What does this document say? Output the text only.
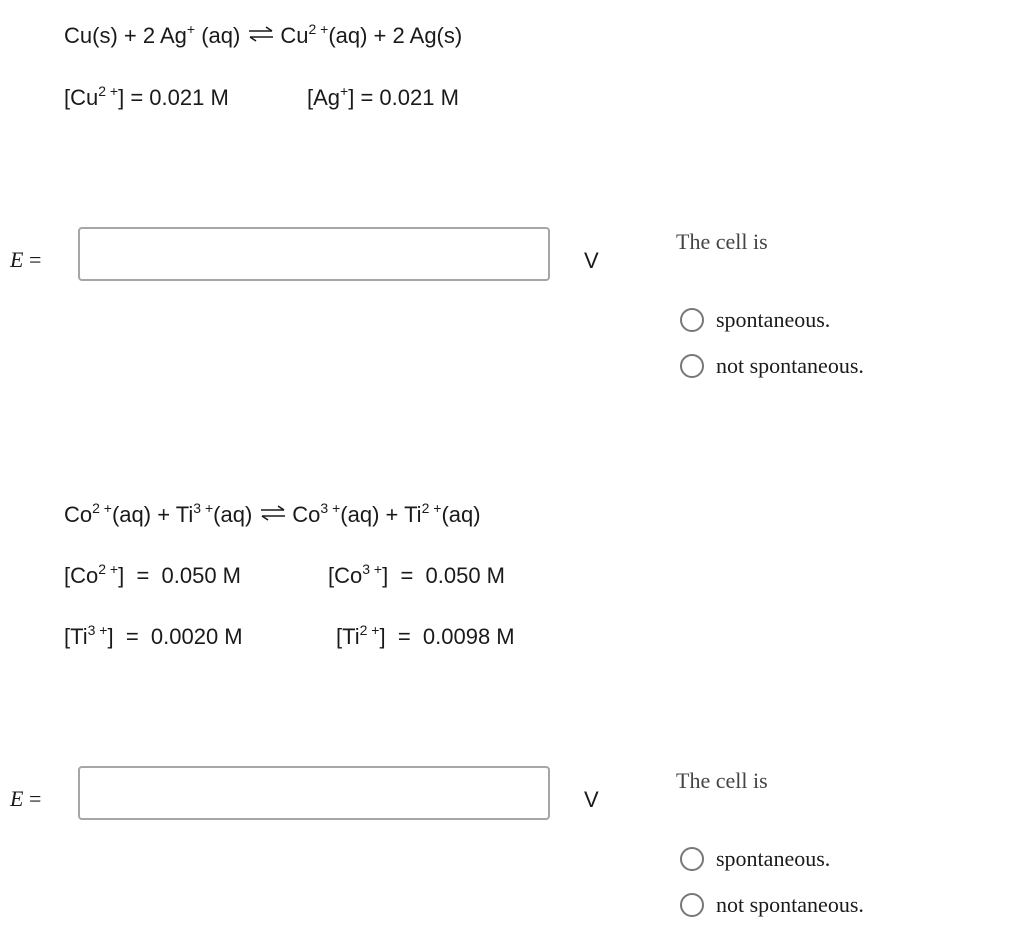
Cu(s) + 2 Ag+ (aq) ⇌ $Cu^{2 +}(aq) + 2$ Ag(s)
$[Cu^{2 +}] = 0.021$ M	[Ag+] = 0.021 M
E =	V
The cell is
spontaneous.
not spontaneous.
$Co^{2 +}(aq) + Ti^{3 +}(aq)$ ⇌ $Co^{3 +}(aq) + Ti^{2 +}(aq)$
$[Co^{2 +}] = 0.050$ M	$[Co^{3 +}] = 0.050$ M
$[Ti^{3 +}] = 0.0020$ M	$[Ti^{2 +}] = 0.0098$ M
E =	V
The cell is
spontaneous.
not spontaneous.
